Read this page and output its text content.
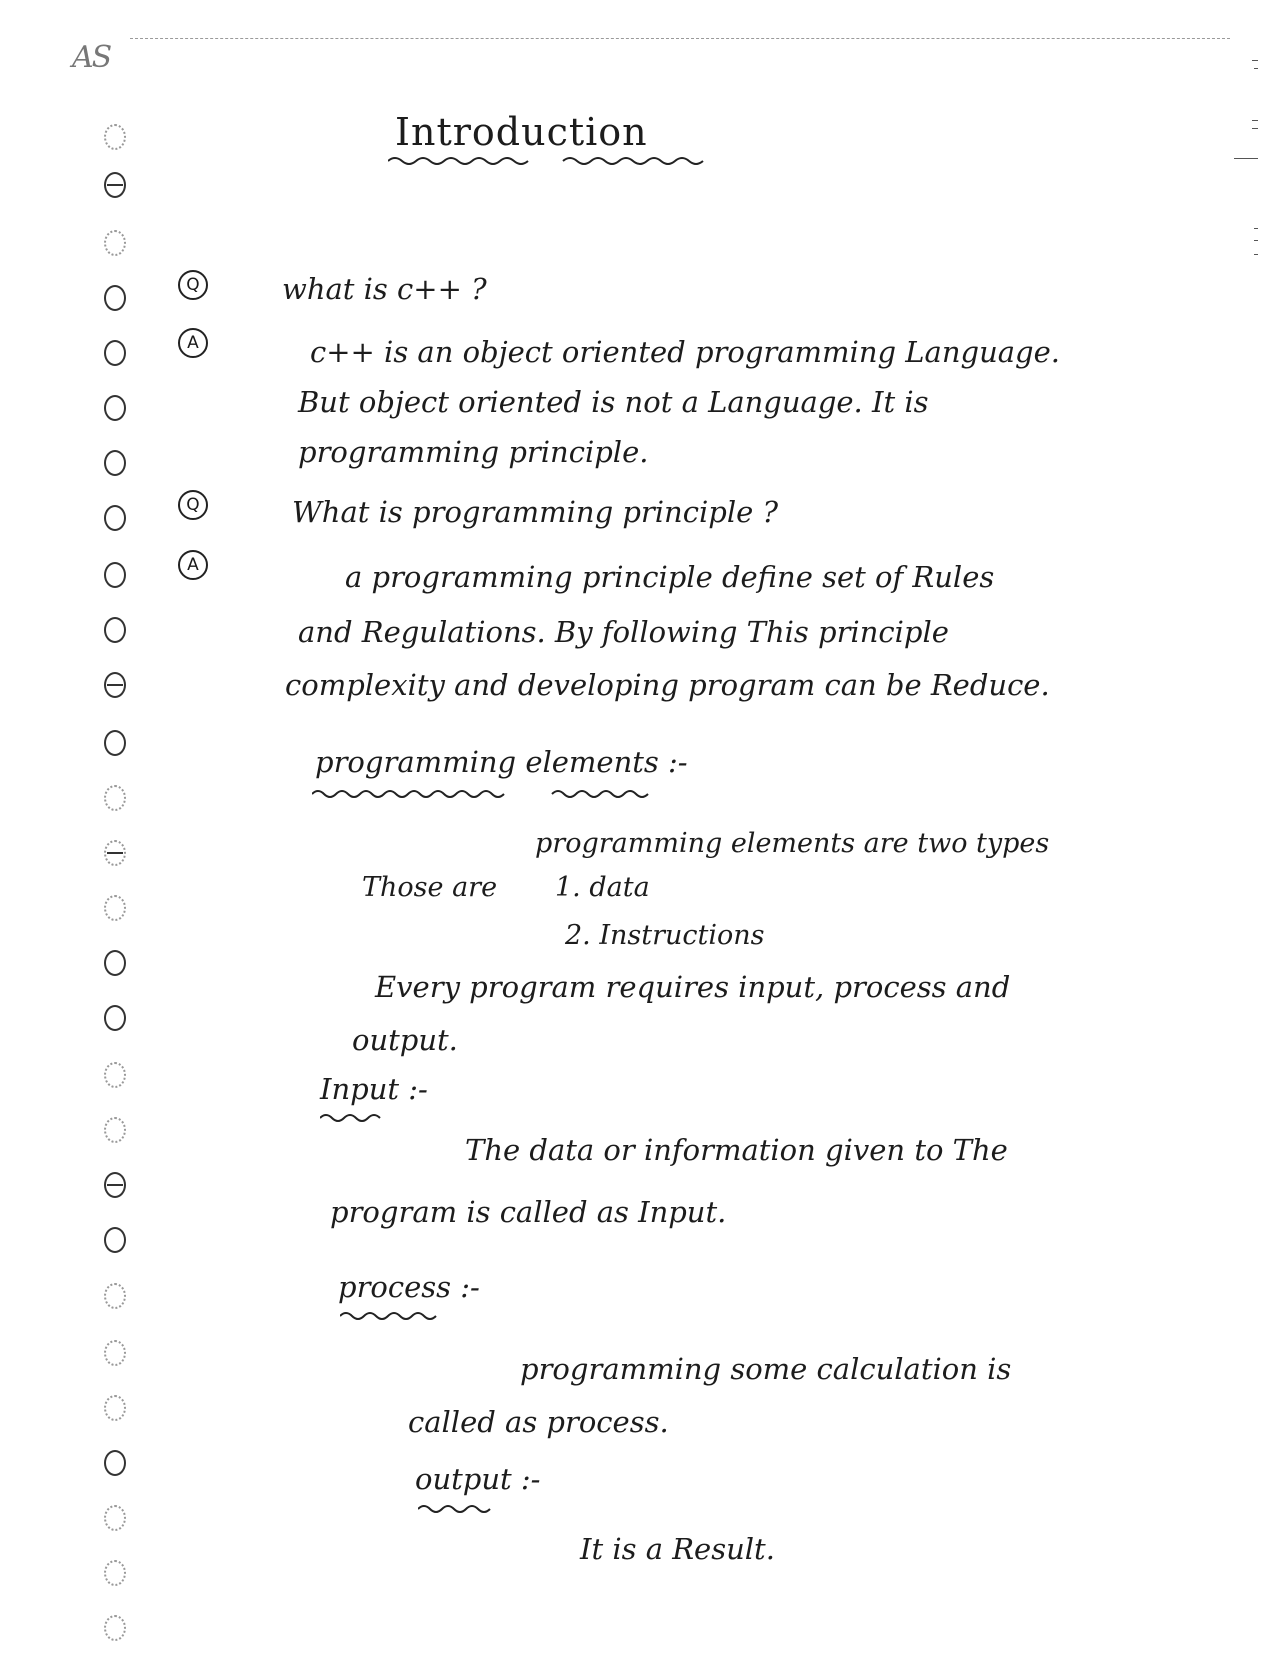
AS
Introduction
Q	what is c++ ?
A	c++ is an object oriented programming Language.
But object oriented is not a Language. It is
programming principle.
Q	What is programming principle ?
A	a programming principle define set of Rules
and Regulations. By following This principle
complexity and developing program can be Reduce.
programming elements :-
programming elements are two types
Those are 1. data
2. Instructions
Every program requires input, process and
output.
Input :-
The data or information given to The
program is called as Input.
process :-
programming some calculation is
called as process.
output :-
It is a Result.
